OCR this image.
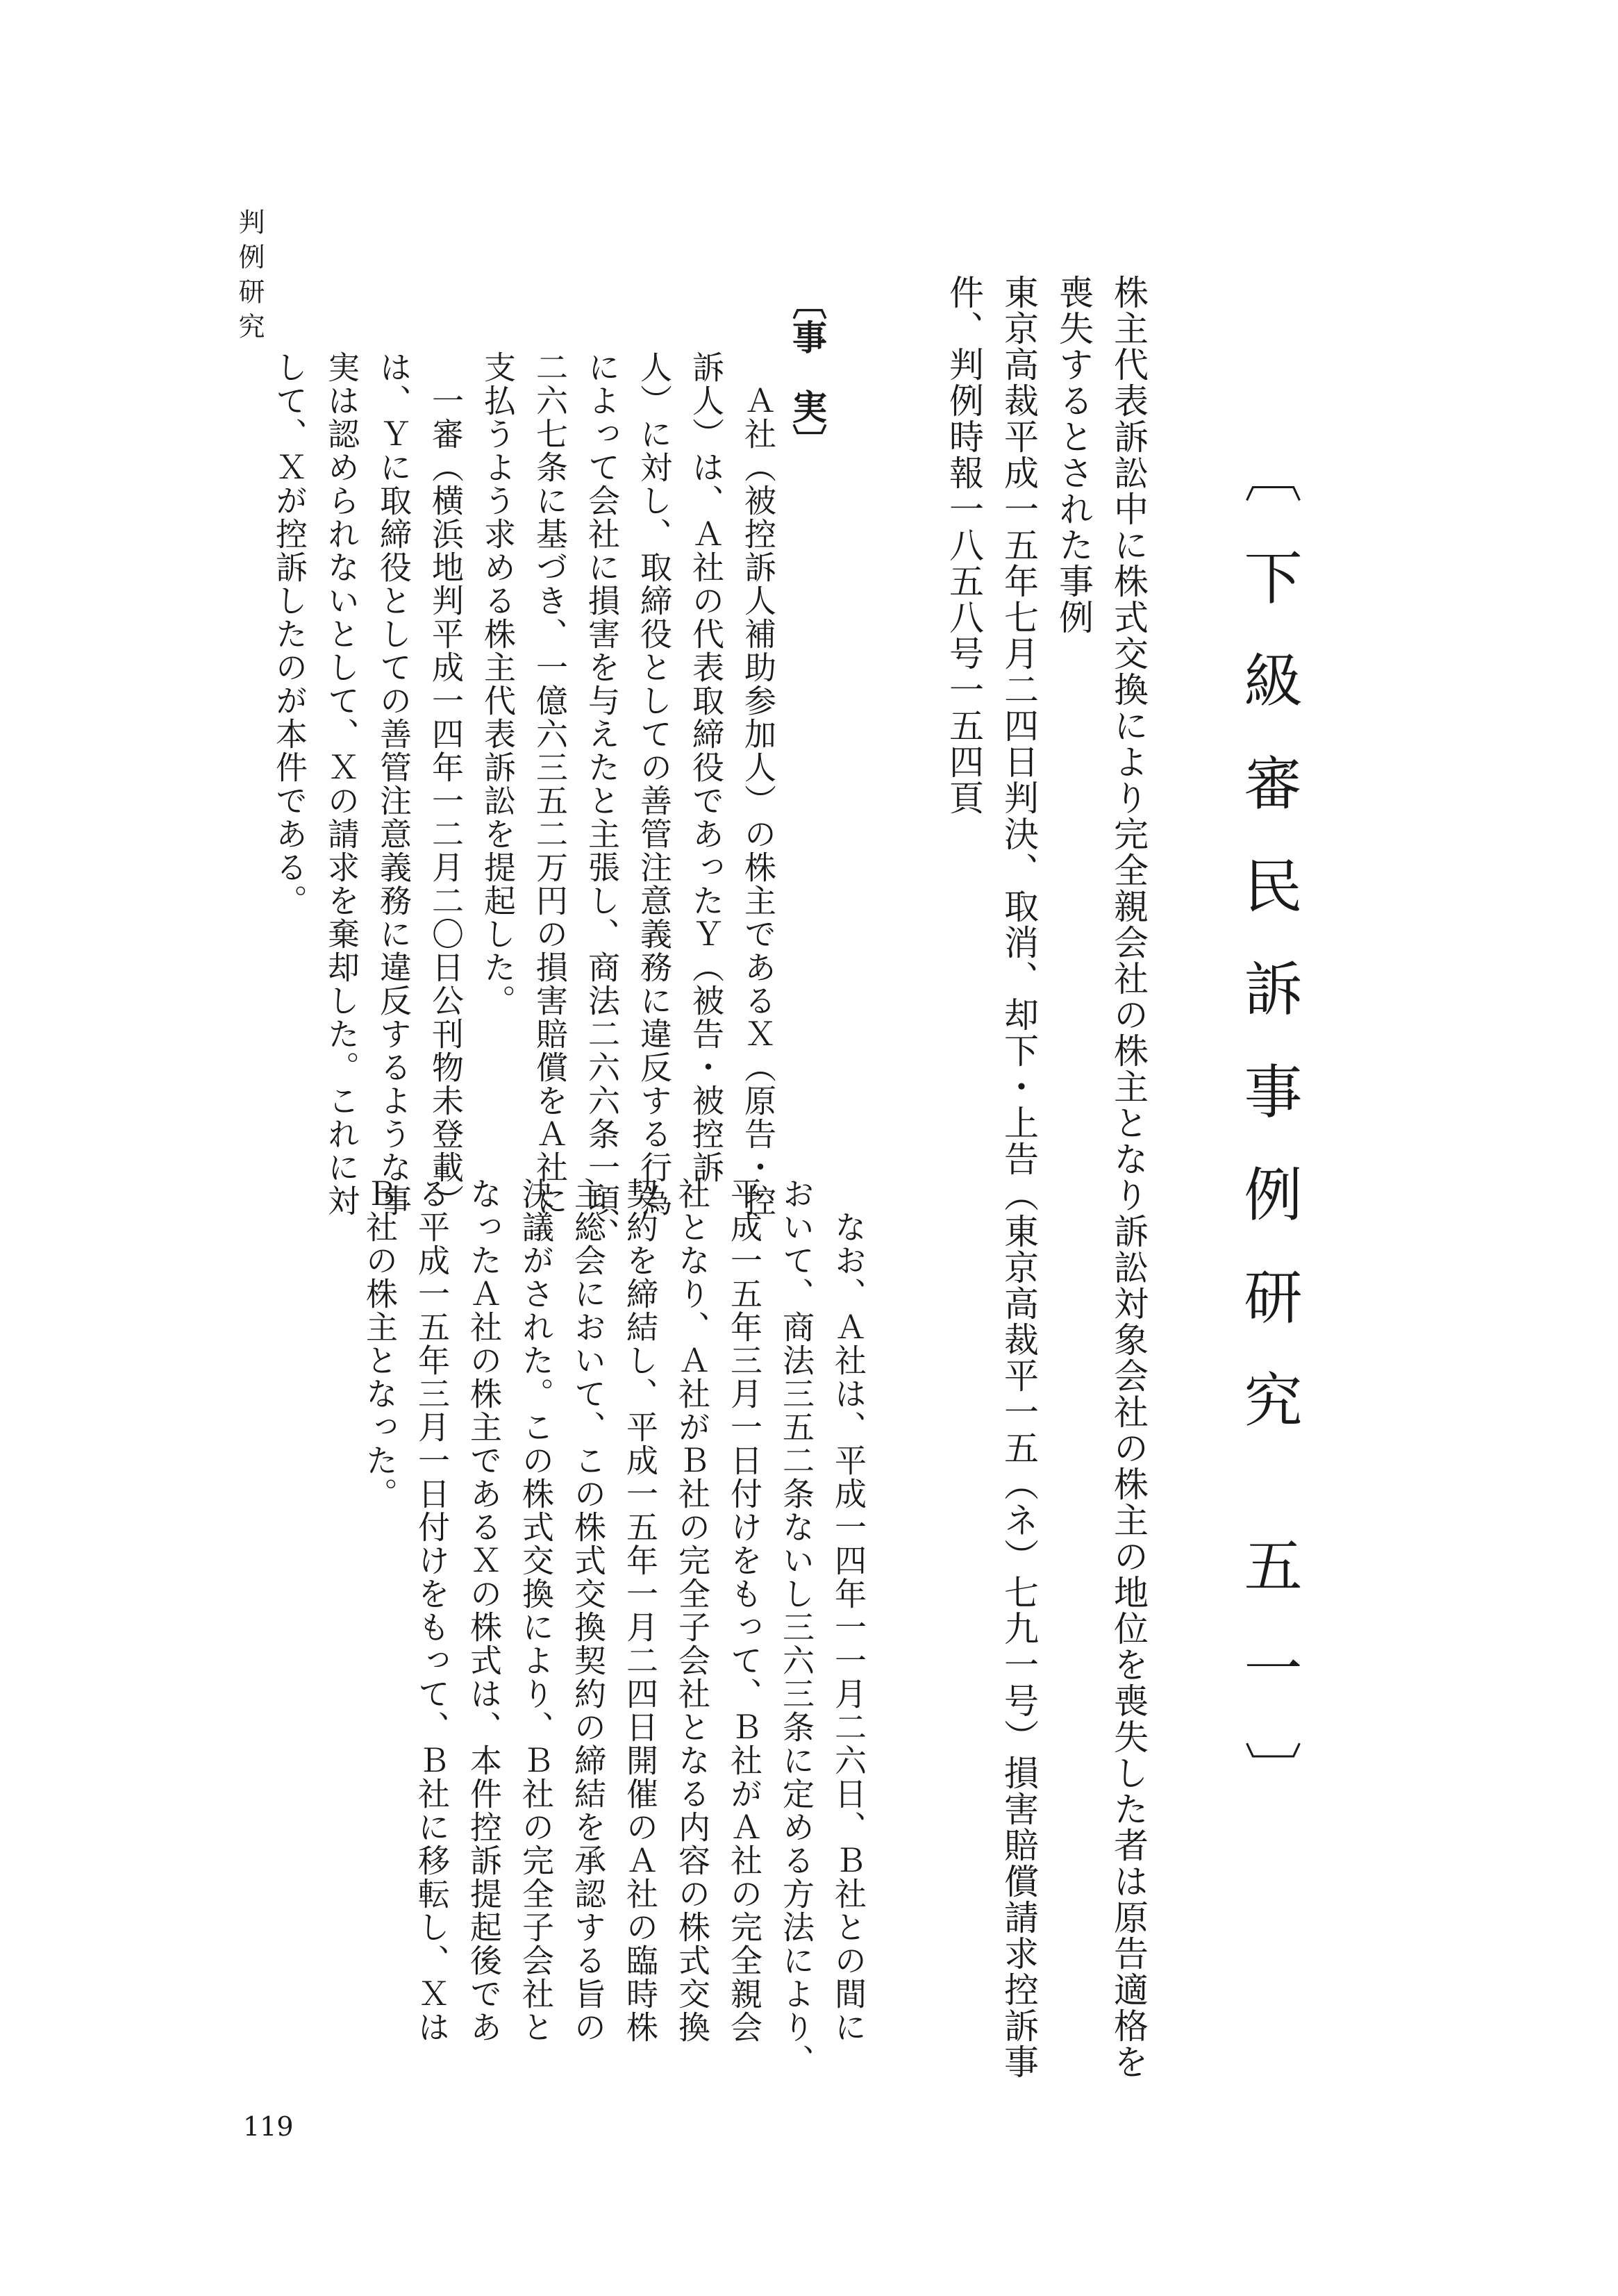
判例研究
〔下級審民訴事例研究 五一〕
株主代表訴訟中に株式交換により完全親会社の株主となり訴訟対象会社の株主の地位を喪失した者は原告適格を
喪失するとされた事例
東京高裁平成一五年七月二四日判決、取消、却下・上告（東京高裁平一五（ネ）七九一号）損害賠償請求控訴事
件、判例時報一八五八号一五四頁
〔事　実〕
　Ａ社（被控訴人補助参加人）の株主であるＸ（原告・控
訴人）は、Ａ社の代表取締役であったＹ（被告・被控訴
人）に対し、取締役としての善管注意義務に違反する行為
によって会社に損害を与えたと主張し、商法二六六条一項、
二六七条に基づき、一億六三五二万円の損害賠償をＡ社に
支払うよう求める株主代表訴訟を提起した。
　一審（横浜地判平成一四年一二月二〇日公刊物未登載）
は、Ｙに取締役としての善管注意義務に違反するような事
実は認められないとして、Ｘの請求を棄却した。これに対
して、Ｘが控訴したのが本件である。
　なお、Ａ社は、平成一四年一一月二六日、Ｂ社との間に
おいて、商法三五二条ないし三六三条に定める方法により、
平成一五年三月一日付けをもって、Ｂ社がＡ社の完全親会
社となり、Ａ社がＢ社の完全子会社となる内容の株式交換
契約を締結し、平成一五年一月二四日開催のＡ社の臨時株
主総会において、この株式交換契約の締結を承認する旨の
決議がされた。この株式交換により、Ｂ社の完全子会社と
なったＡ社の株主であるＸの株式は、本件控訴提起後であ
る平成一五年三月一日付けをもって、Ｂ社に移転し、Ｘは
Ｂ社の株主となった。
119
